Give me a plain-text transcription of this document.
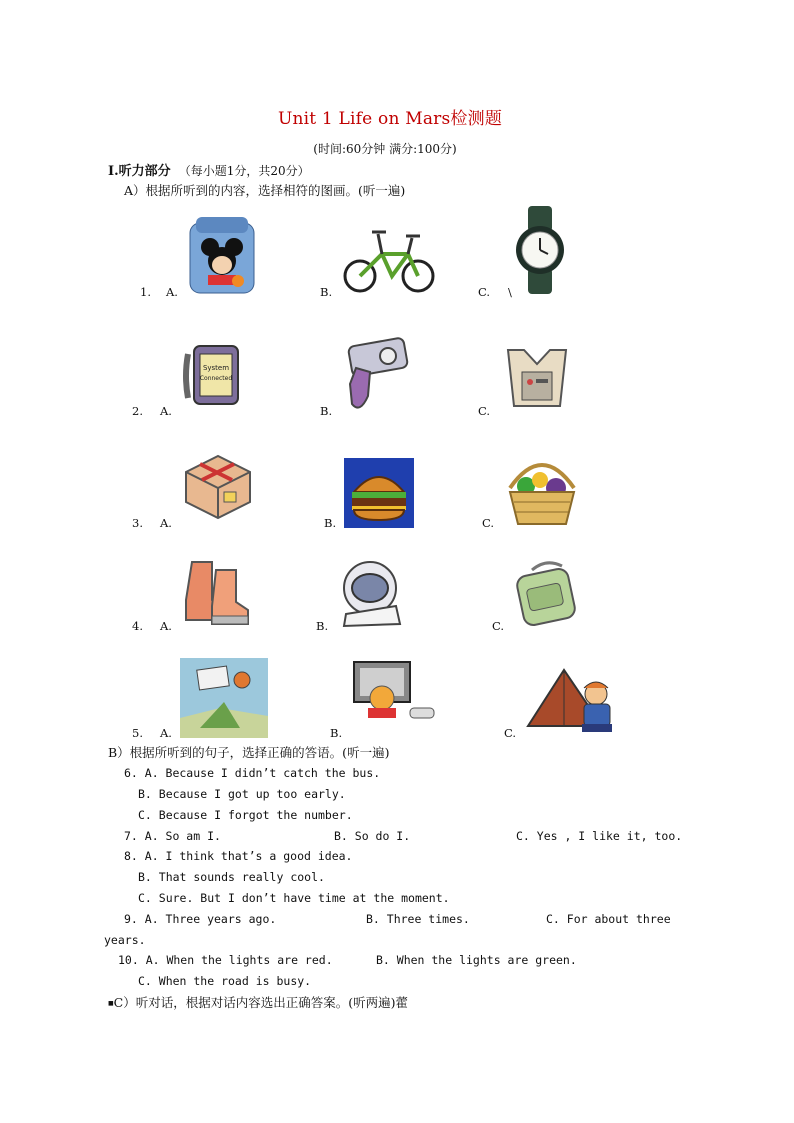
Unit 1 Life on Mars检测题
(时间:60分钟 满分:100分)
Ⅰ.听力部分 （每小题1分，共20分）
A）根据所听到的内容，选择相符的图画。(听一遍)
1. A.	B.	C. \
2. A.
System
Connected
B.	C.
3. A.	B.	C.
4. A.	B.	C.
5. A.	B.	C.
B）根据所听到的句子，选择正确的答语。(听一遍)
6. A. Because I didn’t catch the bus.
B. Because I got up too early.
C. Because I forgot the number.
7. A. So am I.	B. So do I.	C. Yes , I like it, too.
8. A. I think that’s a good idea.
B. That sounds really cool.
C. Sure. But I don’t have time at the moment.
9. A. Three years ago.	B. Three times.	C. For about three
years.
10. A. When the lights are red.	B. When the lights are green.
C. When the road is busy.
■C）听对话，根据对话内容选出正确答案。(听两遍)藿
